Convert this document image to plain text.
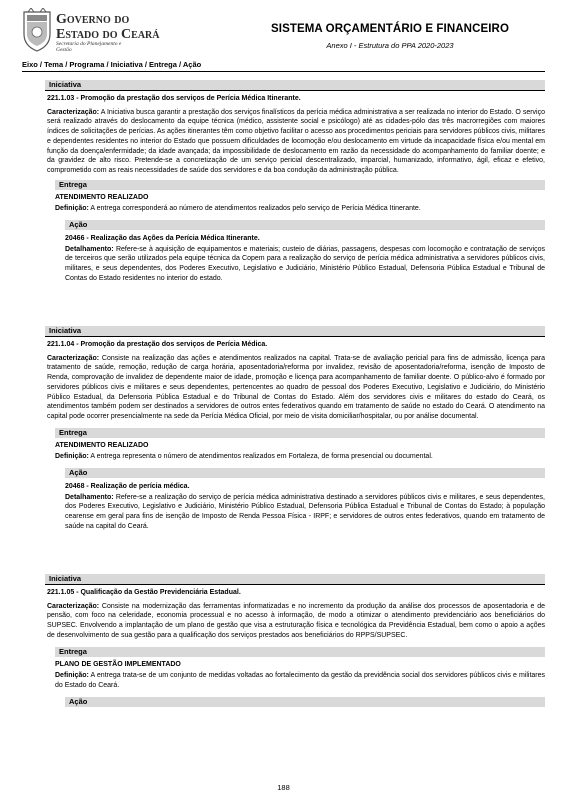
Governo do
Estado do Ceará
Secretaria do Planejamento e Gestão
SISTEMA ORÇAMENTÁRIO E FINANCEIRO
Anexo I - Estrutura do PPA 2020-2023
Eixo / Tema / Programa / Iniciativa / Entrega / Ação
Iniciativa
221.1.03 - Promoção da prestação dos serviços de Perícia Médica Itinerante.
Caracterização: A Iniciativa busca garantir a prestação dos serviços finalísticos da perícia médica administrativa a ser realizada no interior do Estado. O serviço será realizado através do deslocamento da equipe técnica (médico, assistente social e psicólogo) até as cidades-pólo das três macrorregiões com maiores índices de solicitações de perícias. As ações itinerantes têm como objetivo facilitar o acesso aos procedimentos periciais para servidores públicos civis, militares e dependentes residentes no interior do Estado que possuem dificuldades de locomoção e/ou deslocamento em virtude da incapacidade física e/ou mental em função da doença/enfermidade; da idade avançada; da impossibilidade de deslocamento em razão da necessidade do acompanhamento do familiar doente; e da gravidez de alto risco. Pretende-se a concretização de um serviço pericial descentralizado, imparcial, humanizado, informativo, ágil, eficaz e efetivo, comprometido com as reais necessidades de saúde dos servidores e da boa condução da administração pública.
Entrega
ATENDIMENTO REALIZADO
Definição: A entrega corresponderá ao número de atendimentos realizados pelo serviço de Perícia Médica Itinerante.
Ação
20466 - Realização das Ações da Perícia Médica Itinerante.
Detalhamento: Refere-se à aquisição de equipamentos e materiais; custeio de diárias, passagens, despesas com locomoção e contratação de serviços de terceiros que serão utilizados pela equipe técnica da Copem para a realização do serviço de perícia médica administrativa a servidores públicos civis, militares, e seus dependentes, dos Poderes Executivo, Legislativo e Judiciário, Ministério Público Estadual, Defensoria Pública Estadual e Tribunal de Contas do Estado residentes no interior do estado.
Iniciativa
221.1.04 - Promoção da prestação dos serviços de Perícia Médica.
Caracterização: Consiste na realização das ações e atendimentos realizados na capital. Trata-se de avaliação pericial para fins de admissão, licença para tratamento de saúde, remoção, redução de carga horária, aposentadoria/reforma por invalidez, revisão de aposentadoria/reforma, isenção de Imposto de Renda, comprovação de invalidez de dependente maior de idade, promoção e licença para acompanhamento de familiar doente. O público-alvo é formado por servidores públicos civis e militares e seus dependentes, pertencentes ao quadro de pessoal dos Poderes Executivo, Legislativo e Judiciário, do Ministério Público Estadual, da Defensoria Pública Estadual e do Tribunal de Contas do Estado. Além dos servidores civis e militares do estado do Ceará, os atendimentos também podem ser destinados a servidores de outros entes federativos quando em tratamento de saúde no estado do Ceará. O atendimento na capital pode ocorrer presencialmente na sede da Perícia Médica Oficial, por meio de visita domiciliar/hospitalar, ou por análise documental.
Entrega
ATENDIMENTO REALIZADO
Definição: A entrega representa o número de atendimentos realizados em Fortaleza, de forma presencial ou documental.
Ação
20468 - Realização de perícia médica.
Detalhamento: Refere-se a realização do serviço de perícia médica administrativa destinado a servidores públicos civis e militares, e seus dependentes, dos Poderes Executivo, Legislativo e Judiciário, Ministério Público Estadual, Defensoria Pública Estadual e Tribunal de Contas do Estado; à população cearense em geral para fins de isenção de Imposto de Renda Pessoa Física - IRPF; e servidores de outros entes federativos, quando em tratamento de saúde na capital do Ceará.
Iniciativa
221.1.05 - Qualificação da Gestão Previdenciária Estadual.
Caracterização: Consiste na modernização das ferramentas informatizadas e no incremento da produção da análise dos processos de aposentadoria e de pensão, com foco na celeridade, economia processual e no acesso à informação, de modo a otimizar o atendimento previdenciário aos beneficiários do SUPSEC. Envolvendo a implantação de um plano de gestão que visa a estruturação física e tecnológica da Previdência Estadual, bem como o apoio a ações de desenvolvimento de sua gestão para a qualificação dos serviços prestados aos beneficiários do RPPS/SUPSEC.
Entrega
PLANO DE GESTÃO IMPLEMENTADO
Definição: A entrega trata-se de um conjunto de medidas voltadas ao fortalecimento da gestão da previdência social dos servidores públicos civis e militares do Estado do Ceará.
Ação
188
